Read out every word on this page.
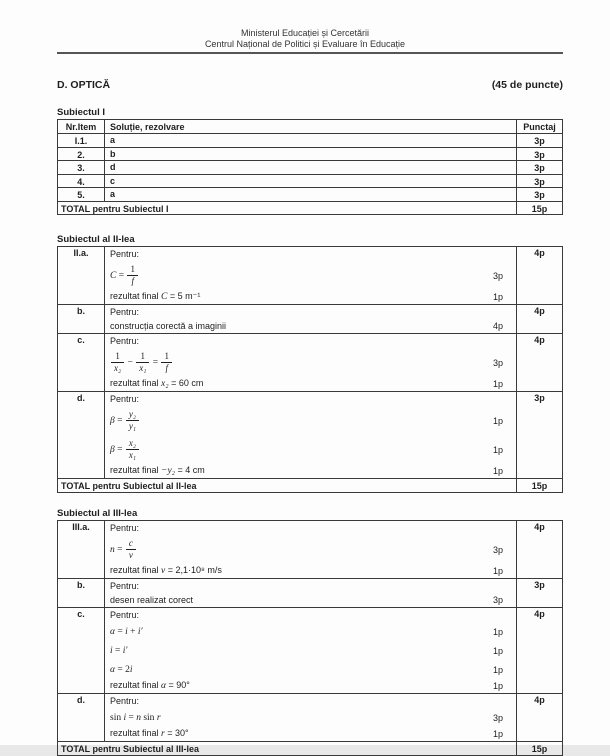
Ministerul Educației și Cercetării
Centrul Național de Politici și Evaluare în Educație
D. OPTICĂ	(45 de puncte)
Subiectul I
Nr.Item	Soluție, rezolvare	Punctaj
I.1.	a	3p
2.	b	3p
3.	d	3p
4.	c	3p
5.	a	3p
TOTAL pentru Subiectul I	15p
Subiectul al II-lea
II.a.	Pentru:
$C = \frac{1}{f}$	3p
rezultat final C = 5 m⁻¹	1p
4p
b.	Pentru:
construcția corectă a imaginii	4p
4p
c.	Pentru:
$\frac{1}{\text{x₂}} - \frac{1}{\text{x₁}} = \frac{1}{f}$	3p
rezultat final x₂ = 60 cm	1p
4p
d.	Pentru:
$\beta = \frac{\text{y₂}}{\text{y₁}}$	1p
$\beta = \frac{\text{x₂}}{\text{x₁}}$	1p
rezultat final −y₂ = 4 cm	1p
3p
TOTAL pentru Subiectul al II-lea	15p
Subiectul al III-lea
III.a.	Pentru:
$n = \frac{c}{v}$	3p
rezultat final v = 2,1·10⁸ m/s	1p
4p
b.	Pentru:
desen realizat corect	3p
3p
c.	Pentru:
α = i + i′	1p
i = i′	1p
α = 2i	1p
rezultat final α = 90°	1p
4p
d.	Pentru:
sin i = n sin r	3p
rezultat final r = 30°	1p
4p
TOTAL pentru Subiectul al III-lea	15p
